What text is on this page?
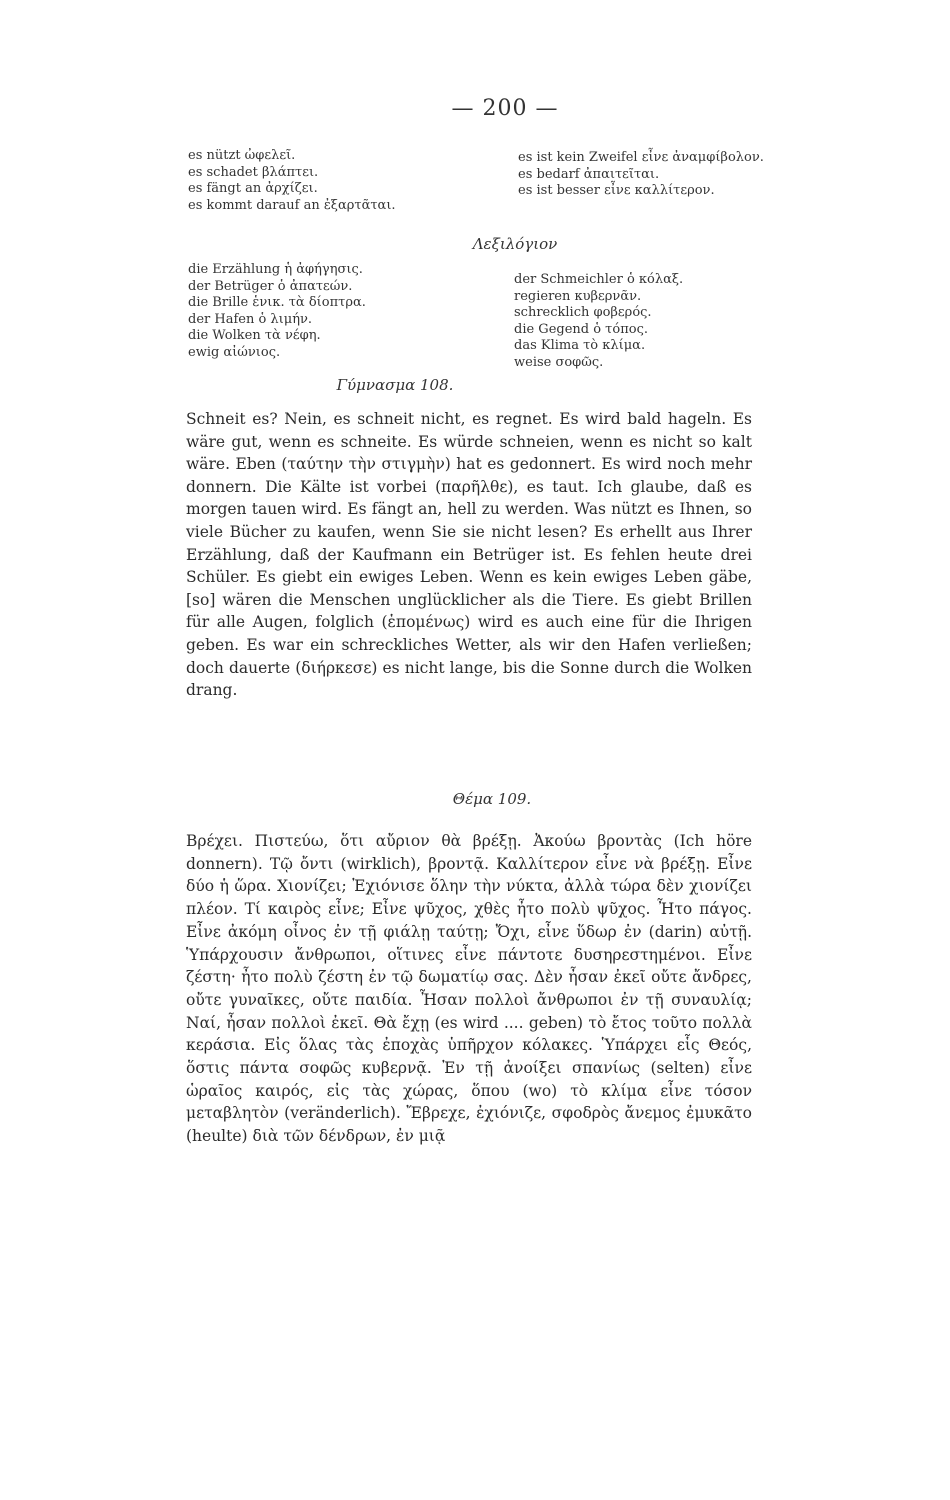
— 200 —
es nützt ὠφελεῖ.
es schadet βλάπτει.
es fängt an ἀρχίζει.
es kommt darauf an ἐξαρτᾶται.
es ist kein Zweifel εἶνε ἀναμφίβολον.
es bedarf ἀπαιτεῖται.
es ist besser εἶνε καλλίτερον.
Λεξιλόγιον
die Erzählung ἡ ἀφήγησις.
der Betrüger ὁ ἀπατεών.
die Brille ἑνικ. τὰ δίοπτρα.
der Hafen ὁ λιμήν.
die Wolken τὰ νέφη.
ewig αἰώνιος.
der Schmeichler ὁ κόλαξ.
regieren κυβερνᾶν.
schrecklich φοβερός.
die Gegend ὁ τόπος.
das Klima τὸ κλίμα.
weise σοφῶς.
Γύμνασμα 108.
Schneit es? Nein, es schneit nicht, es regnet. Es wird bald hageln. Es wäre gut, wenn es schneite. Es würde schneien, wenn es nicht so kalt wäre. Eben (ταύτην τὴν στιγμὴν) hat es gedonnert. Es wird noch mehr donnern. Die Kälte ist vorbei (παρῆλθε), es taut. Ich glaube, daß es morgen tauen wird. Es fängt an, hell zu werden. Was nützt es Ihnen, so viele Bücher zu kaufen, wenn Sie sie nicht lesen? Es erhellt aus Ihrer Erzählung, daß der Kaufmann ein Betrüger ist. Es fehlen heute drei Schüler. Es giebt ein ewiges Leben. Wenn es kein ewiges Leben gäbe, [so] wären die Menschen unglücklicher als die Tiere. Es giebt Brillen für alle Augen, folglich (ἑπομένως) wird es auch eine für die Ihrigen geben. Es war ein schreckliches Wetter, als wir den Hafen verließen; doch dauerte (διήρκεσε) es nicht lange, bis die Sonne durch die Wolken drang.
Θέμα 109.
Βρέχει. Πιστεύω, ὅτι αὔριον θὰ βρέξῃ. Ἀκούω βροντὰς (Ich höre donnern). Τῷ ὄντι (wirklich), βροντᾷ. Καλλίτερον εἶνε νὰ βρέξῃ. Εἶνε δύο ἡ ὥρα. Χιονίζει; Ἐχιόνισε ὅλην τὴν νύκτα, ἀλλὰ τώρα δὲν χιονίζει πλέον. Τί καιρὸς εἶνε; Εἶνε ψῦχος, χθὲς ἦτο πολὺ ψῦχος. Ἦτο πάγος. Εἶνε ἀκόμη οἶνος ἐν τῇ φιάλῃ ταύτῃ; Ὄχι, εἶνε ὕδωρ ἐν (darin) αὐτῇ. Ὑπάρχουσιν ἄνθρωποι, οἵτινες εἶνε πάντοτε δυσηρεστημένοι. Εἶνε ζέστη· ἦτο πολὺ ζέστη ἐν τῷ δωματίῳ σας. Δὲν ἦσαν ἐκεῖ οὔτε ἄνδρες, οὔτε γυναῖκες, οὔτε παιδία. Ἦσαν πολλοὶ ἄνθρωποι ἐν τῇ συναυλίᾳ; Ναί, ἦσαν πολλοὶ ἐκεῖ. Θὰ ἔχῃ (es wird .... geben) τὸ ἔτος τοῦτο πολλὰ κεράσια. Εἰς ὅλας τὰς ἐποχὰς ὑπῆρχον κόλακες. Ὑπάρχει εἷς Θεός, ὅστις πάντα σοφῶς κυβερνᾷ. Ἐν τῇ ἀνοίξει σπανίως (selten) εἶνε ὡραῖος καιρός, εἰς τὰς χώρας, ὅπου (wo) τὸ κλίμα εἶνε τόσον μεταβλητὸν (veränderlich). Ἔβρεχε, ἐχιόνιζε, σφοδρὸς ἄνεμος ἐμυκᾶτο (heulte) διὰ τῶν δένδρων, ἐν μιᾷ
